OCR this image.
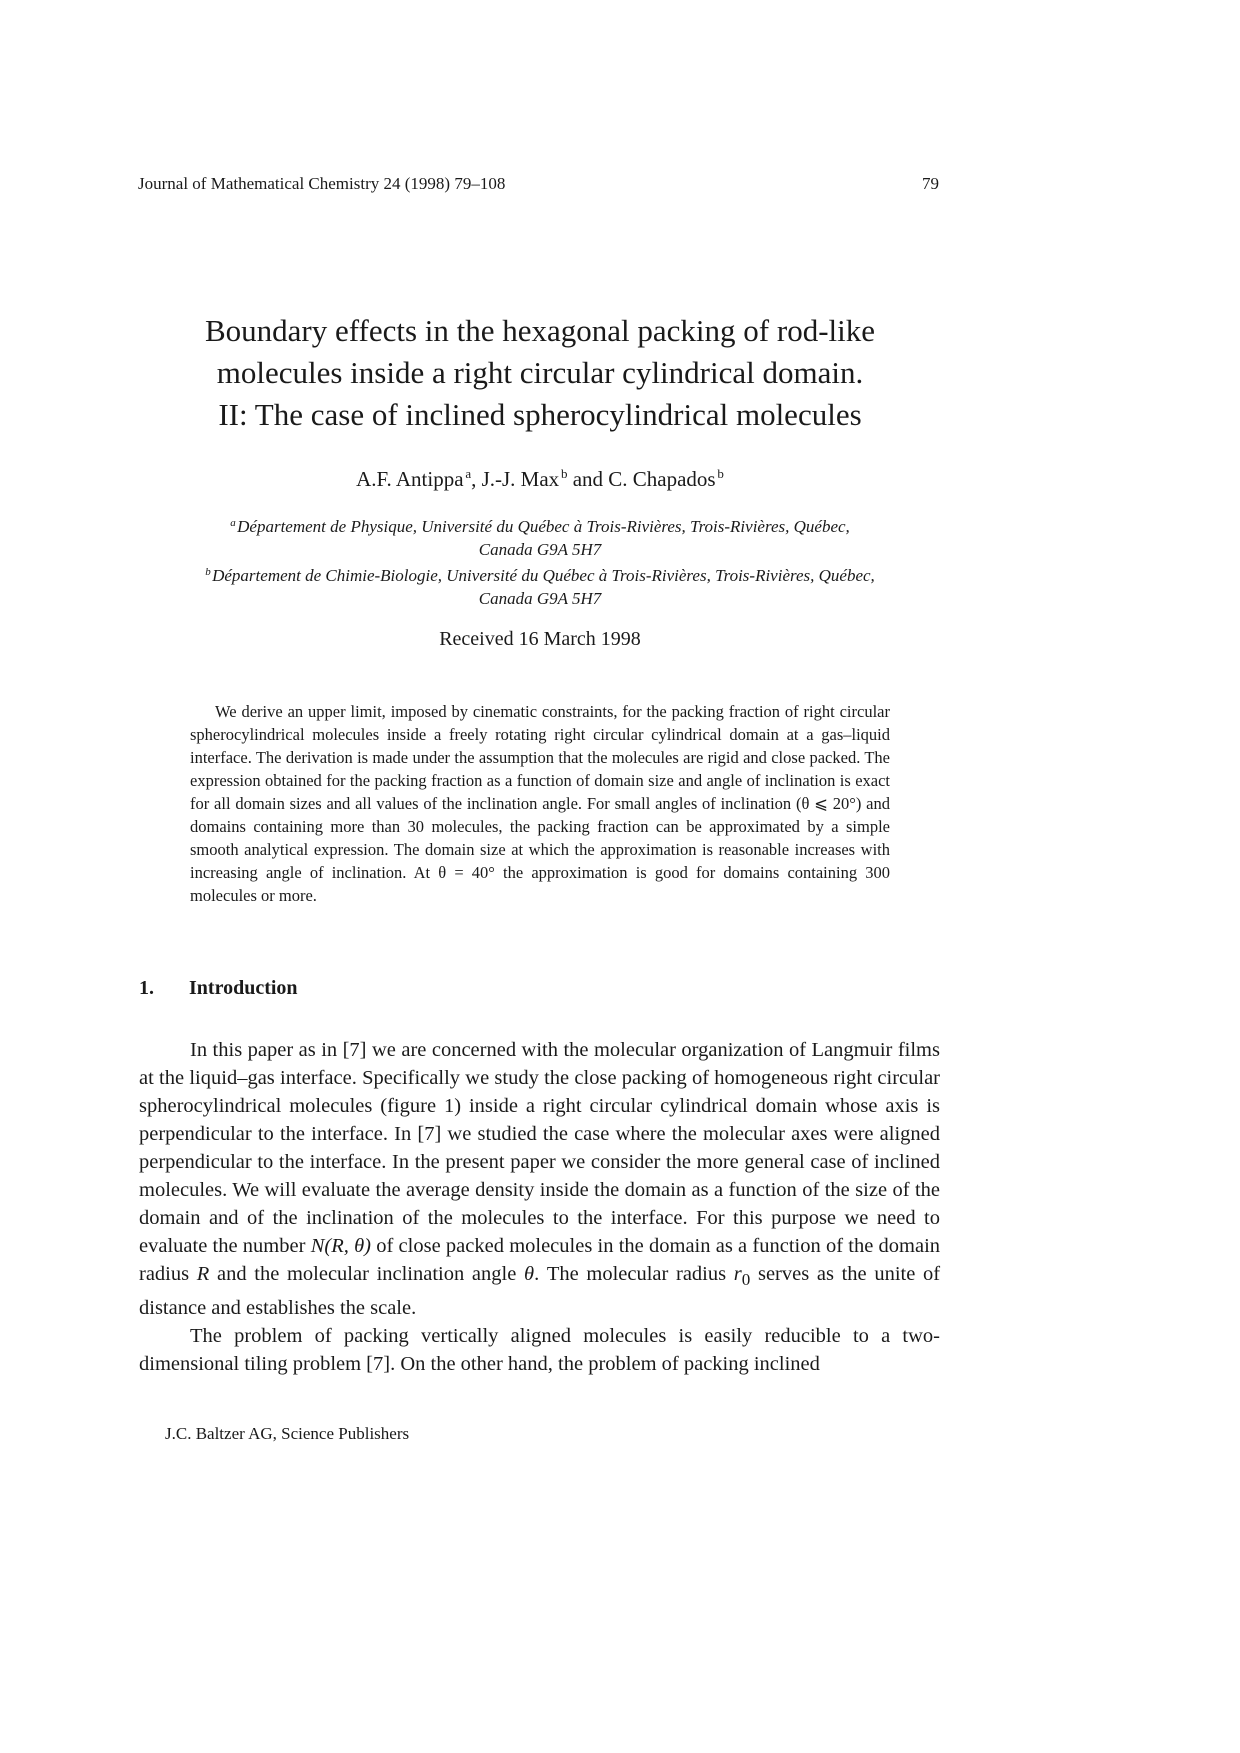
Journal of Mathematical Chemistry 24 (1998) 79–108	79
Boundary effects in the hexagonal packing of rod-like
molecules inside a right circular cylindrical domain.
II: The case of inclined spherocylindrical molecules
A.F. Antippa  $^a$, J.-J. Max  $^b$ and C. Chapados  $^b$
$^a$ Département de Physique, Université du Québec à Trois-Rivières, Trois-Rivières, Québec,
Canada G9A 5H7
$^b$ Département de Chimie-Biologie, Université du Québec à Trois-Rivières, Trois-Rivières, Québec,
Canada G9A 5H7
Received 16 March 1998

We derive an upper limit, imposed by cinematic constraints, for the packing fraction of right circular spherocylindrical molecules inside a freely rotating right circular cylindrical domain at a gas–liquid interface. The derivation is made under the assumption that the molecules are rigid and close packed. The expression obtained for the packing fraction as a function of domain size and angle of inclination is exact for all domain sizes and all values of the inclination angle. For small angles of inclination (θ ⩽ 20°) and domains containing more than 30 molecules, the packing fraction can be approximated by a simple smooth analytical expression. The domain size at which the approximation is reasonable increases with increasing angle of inclination. At θ = 40° the approximation is good for domains containing 300 molecules or more.

1. Introduction

In this paper as in [7] we are concerned with the molecular organization of Langmuir films at the liquid–gas interface. Specifically we study the close packing of homogeneous right circular spherocylindrical molecules (figure 1) inside a right circular cylindrical domain whose axis is perpendicular to the interface. In [7] we studied the case where the molecular axes were aligned perpendicular to the interface. In the present paper we consider the more general case of inclined molecules. We will evaluate the average density inside the domain as a function of the size of the domain and of the inclination of the molecules to the interface. For this purpose we need to evaluate the number N(R, θ) of close packed molecules in the domain as a function of the domain radius R and the molecular inclination angle θ. The molecular radius $r_0$ serves as the unite of distance and establishes the scale.

The problem of packing vertically aligned molecules is easily reducible to a two-dimensional tiling problem [7]. On the other hand, the problem of packing inclined

J.C. Baltzer AG, Science Publishers
